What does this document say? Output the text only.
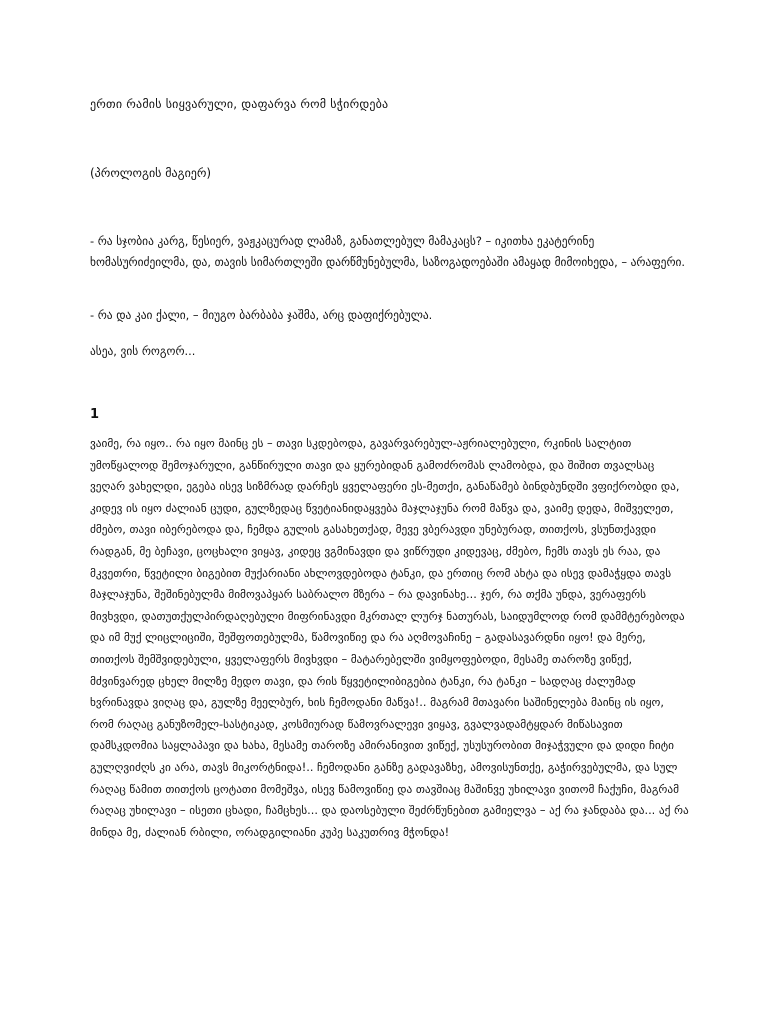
ერთი რამის სიყვარული, დაფარვა რომ სჭირდება
(პროლოგის მაგიერ)
- რა სჯობია კარგ, წესიერ, ვაჟკაცურად ლამაზ, განათლებულ მამაკაცს? – იკითხა ეკატერინე ხომასურიძეილმა, და, თავის სიმართლეში დარწმუნებულმა, საზოგადოებაში ამაყად მიმოიხედა, – არაფერი.
- რა და კაი ქალი, – მიუგო ბარბაბა ჯაშმა, არც დაფიქრებულა.
ასეა, ვის როგორ...
1
ვაიმე, რა იყო.. რა იყო მაინც ეს – თავი სკდებოდა, გავარვარებულ-აჟრიალებული, რკინის სალტით უმოწყალოდ შემოჯარული, განწირული თავი და ყურებიდან გამოძრომას ლამობდა, და შიშით თვალსაც ვეღარ ვახელდი, ეგება ისევ სიზმრად დარჩეს ყველაფერი ეს-მეთქი, განაწამებ ბინდბუნდში ვფიქრობდი და, კიდევ ის იყო ძალიან ცუდი, გულზედაც წვეტიანიდაყვება მაჯლაჯუნა რომ მაწვა და, ვაიმე დედა, მიშველეთ, ძმებო, თავი იბერებოდა და, ჩემდა გულის გასახეთქად, მევე ვბერავდი უნებურად, თითქოს, ვსუნთქავდი რადგან, მე ბეჩავი, ცოცხალი ვიყავ, კიდეც ვგმინავდი და ვიწრუდი კიდევაც, ძმებო, ჩემს თავს ეს რაა, და მკვეთრი, წვეტილი ბიგებით მუქარიანი ახლოვდებოდა ტანკი, და ერთიც რომ ახტა და ისევ დამაჭყდა თავს მაჯლაჯუნა, შეშინებულმა მიმოვაპყარ საბრალო მზერა – რა დავინახე... ჯერ, რა თქმა უნდა, ვერაფერს მივხვდი, დათუთქულპირდაღებული მიფრინავდი მკრთალ ლურჯ ნათურას, საიდუმლოდ რომ დამმტერებოდა და იმ მუქ ლიცლიციში, შეშფოთებულმა, წამოვიწიე და რა აღმოვაჩინე – გადასავარდნი იყო! და მერე, თითქოს შემშვიდებული, ყველაფერს მივხვდი – მატარებელში ვიმყოფებოდი, მესამე თაროზე ვიწექ, მძვინვარედ ცხელ მილზე მედო თავი, და რის წყვეტილიბიგებია ტანკი, რა ტანკი – სადღაც ძალუმად ხვრინავდა ვიღაც და, გულზე მეელბურ, ხის ჩემოდანი მაწვა!.. მაგრამ მთავარი საშინელება მაინც ის იყო, რომ რაღაც განუზომელ-სასტიკად, კოსმიურად წამოვრალევი ვიყავ, გვალვადამტყდარ მიწასავით დამსკდომია საყლაპავი და ხახა, მესამე თაროზე ამირანივით ვიწექ, უსუსურობით მიჯაჭვული და დიდი ჩიტი გულღვიძღს კი არა, თავს მიკორტნიდა!.. ჩემოდანი განზე გადავაზხე, ამოვისუნთქე, გაჭირვებულმა, და სულ რაღაც წამით თითქოს ცოტათი მომეშვა, ისევ წამოვიწიე და თავშიაც მაშინვე უხილავი ვითომ ჩაქუჩი, მაგრამ რაღაც უხილავი – ისეთი ცხადი, ჩამცხეს... და დაოსებული შეძრწუნებით გამიელვა – აქ რა ჯანდაბა და... აქ რა მინდა მე, ძალიან რბილი, ორადგილიანი კუპე საკუთრივ მჭონდა!
